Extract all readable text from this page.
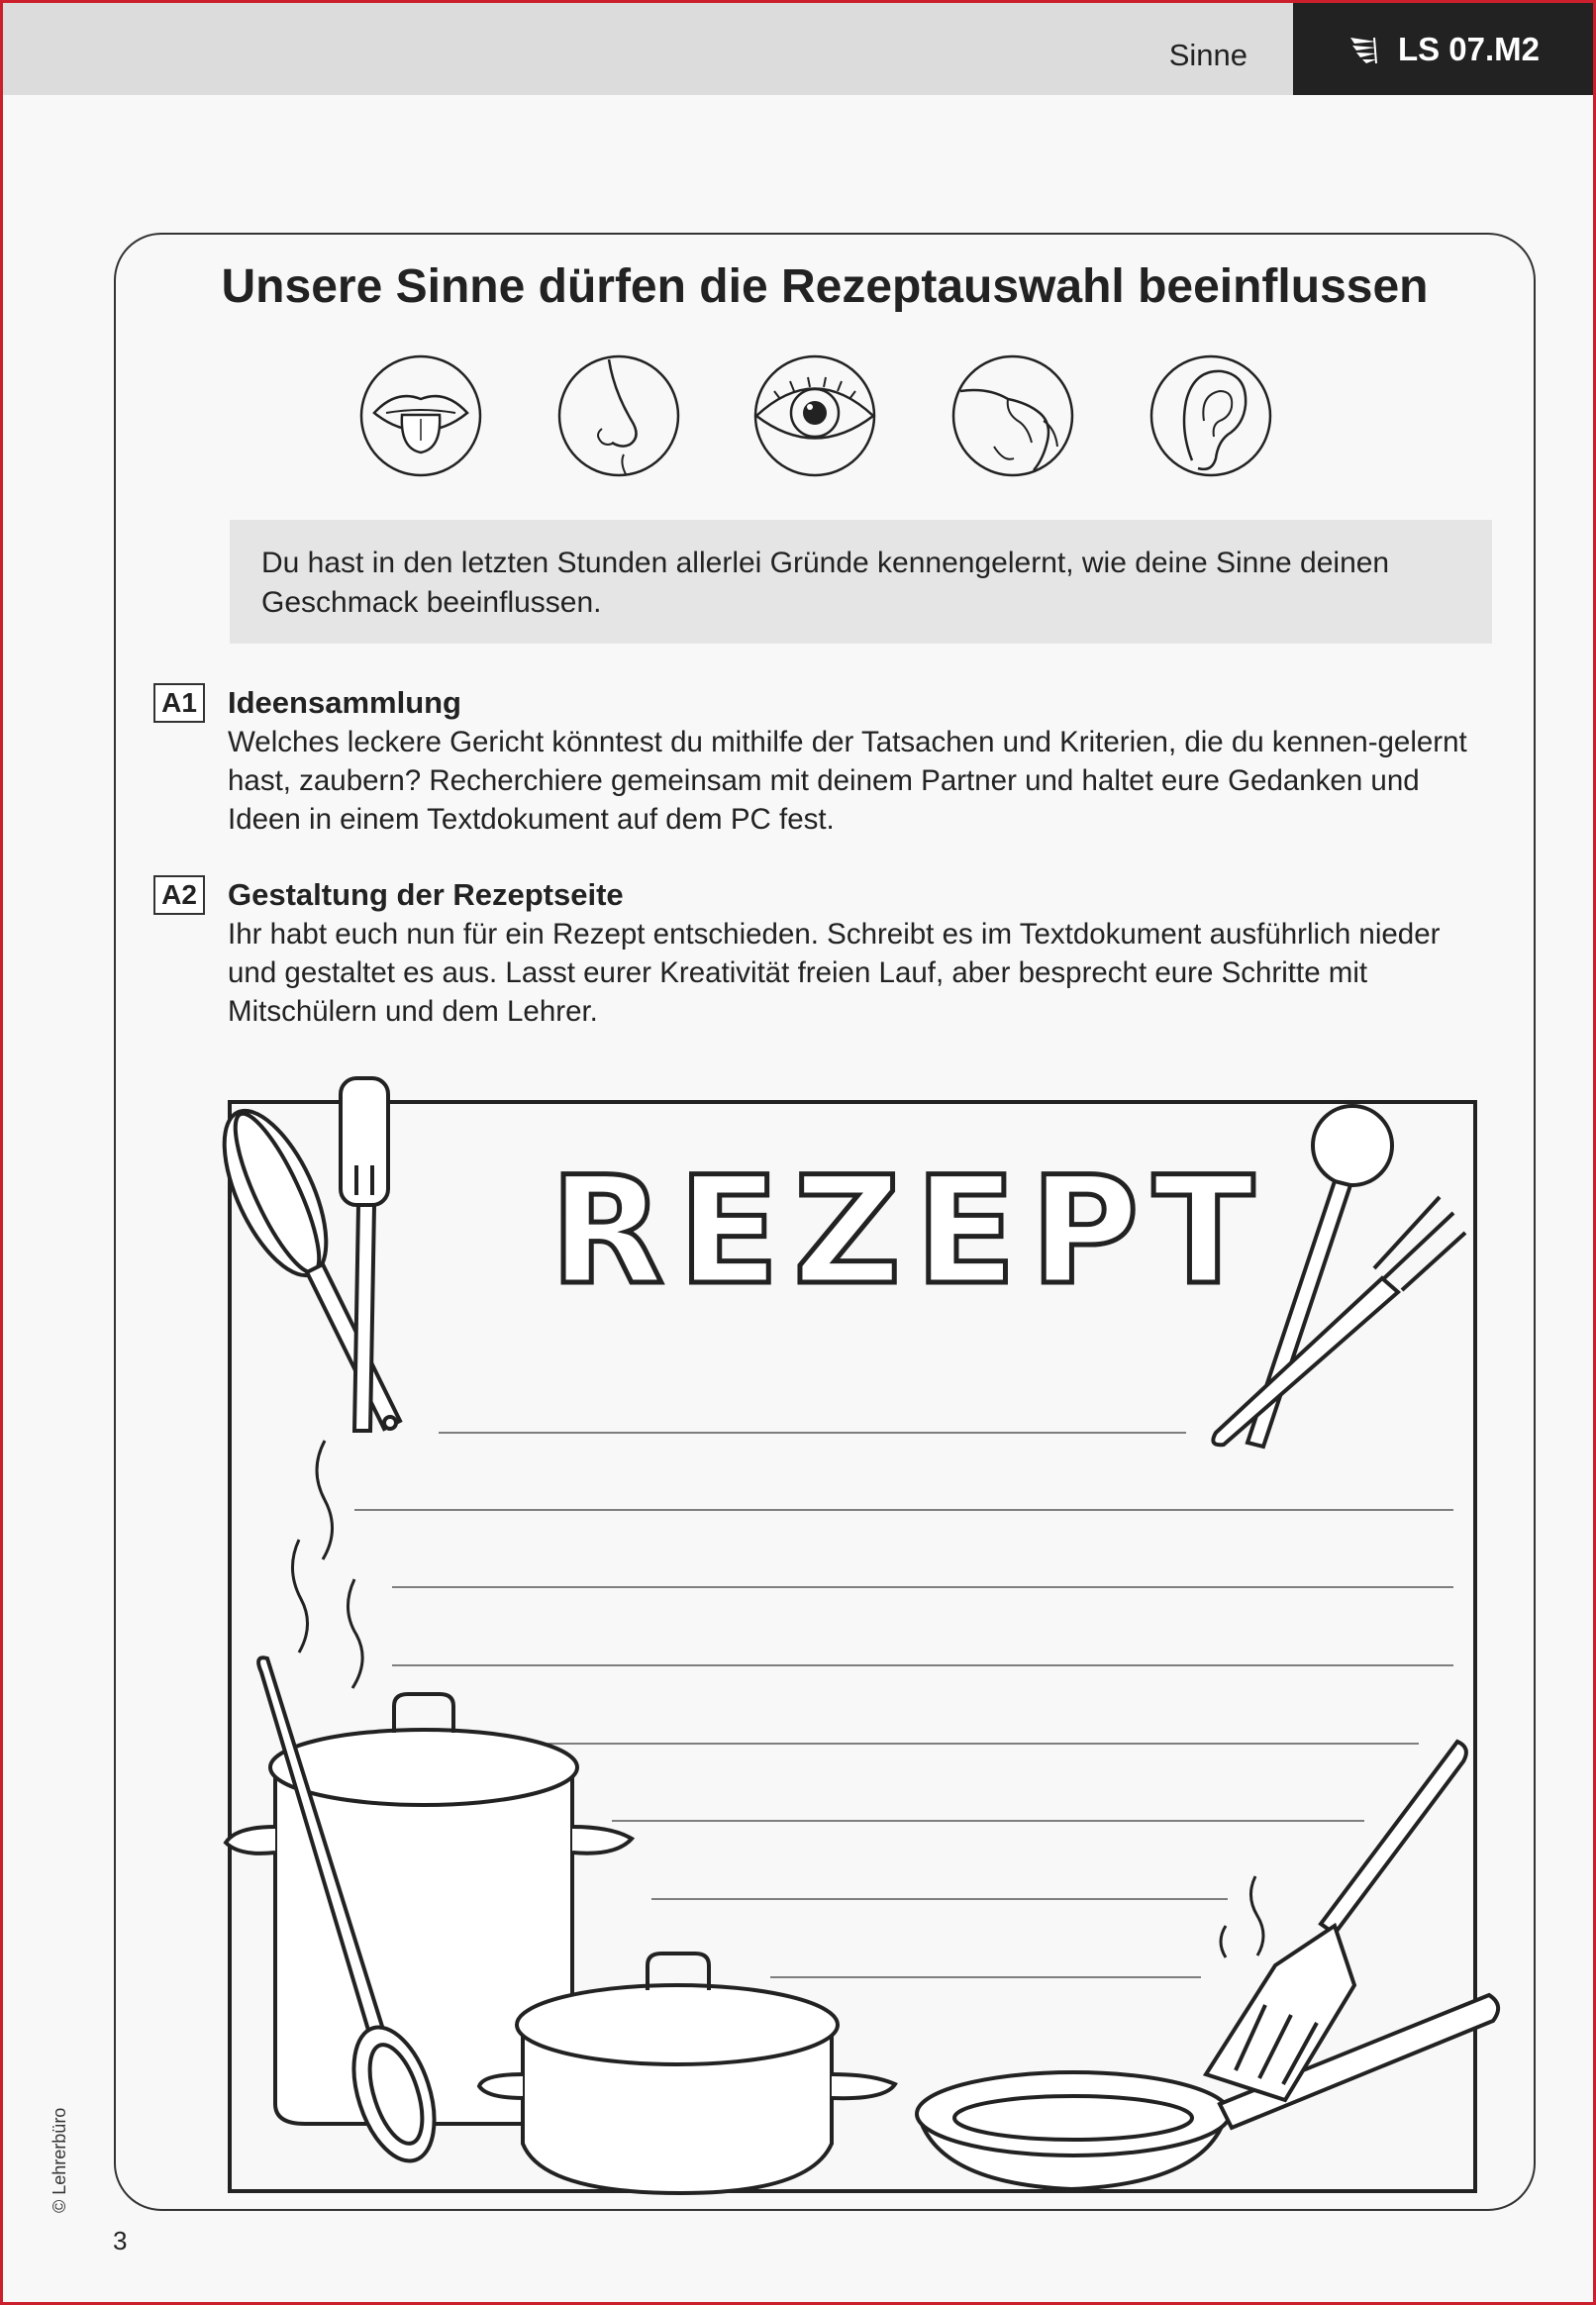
Sinne	LS 07.M2
Unsere Sinne dürfen die Rezeptauswahl beeinflussen
Du hast in den letzten Stunden allerlei Gründe kennengelernt, wie deine Sinne deinen Geschmack beeinflussen.
A1 Ideensammlung
Welches leckere Gericht könntest du mithilfe der Tatsachen und Kriterien, die du kennen-gelernt hast, zaubern? Recherchiere gemeinsam mit deinem Partner und haltet eure Gedanken und Ideen in einem Textdokument auf dem PC fest.
A2 Gestaltung der Rezeptseite
Ihr habt euch nun für ein Rezept entschieden. Schreibt es im Textdokument ausführlich nieder und gestaltet es aus. Lasst eurer Kreativität freien Lauf, aber besprecht eure Schritte mit Mitschülern und dem Lehrer.
REZEPT
© Lehrerbüro
3
